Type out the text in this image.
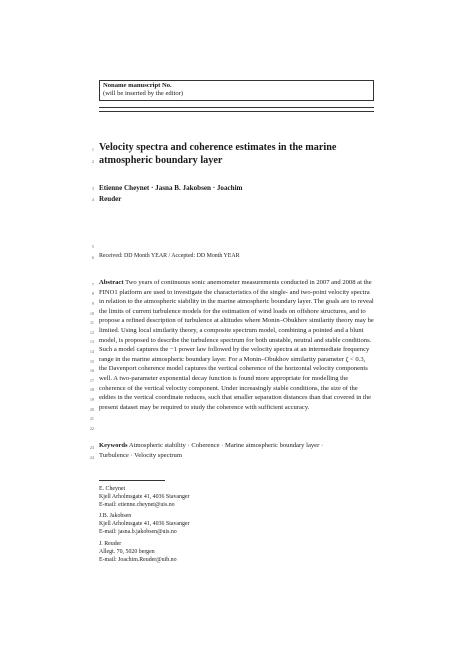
Noname manuscript No.
(will be inserted by the editor)
1
2
3
4
5
6
7
8
9
10
11
12
13
14
15
16
17
18
19
20
21
22
23
24
Velocity spectra and coherence estimates in the marine atmospheric boundary layer
Etienne Cheynet · Jasna B. Jakobsen · Joachim
Reuder
Received: DD Month YEAR / Accepted: DD Month YEAR
Abstract Two years of continuous sonic anemometer measurements conducted in 2007 and 2008 at the FINO1 platform are used to investigate the characteristics of the single- and two-point velocity spectra in relation to the atmospheric stability in the marine atmospheric boundary layer. The goals are to reveal the limits of current turbulence models for the estimation of wind loads on offshore structures, and to propose a refined description of turbulence at altitudes where Monin–Obukhov similarity theory may be limited. Using local similarity theory, a composite spectrum model, combining a pointed and a blunt model, is proposed to describe the turbulence spectrum for both unstable, neutral and stable conditions. Such a model captures the −1 power law followed by the velocity spectra at an intermediate frequency range in the marine atmospheric boundary layer. For a Monin–Obukhov similarity parameter ζ < 0.3, the Davenport coherence model captures the vertical coherence of the horizontal velocity components well. A two-parameter exponential decay function is found more appropriate for modelling the coherence of the vertical velocity component. Under increasingly stable conditions, the size of the eddies in the vertical coordinate reduces, such that smaller separation distances than that covered in the present dataset may be required to study the coherence with sufficient accuracy.
Keywords Atmospheric stability · Coherence · Marine atmospheric boundary layer ·
Turbulence · Velocity spectrum
E. Cheynet
Kjell Arholmsgate 41, 4036 Stavanger
E-mail: etienne.cheynet@uis.no
J.B. Jakobsen
Kjell Arholmsgate 41, 4036 Stavanger
E-mail: jasna.b.jakobsen@uis.no
J. Reuder
Allegt. 70, 5020 bergen
E-mail: Joachim.Reuder@uib.no
